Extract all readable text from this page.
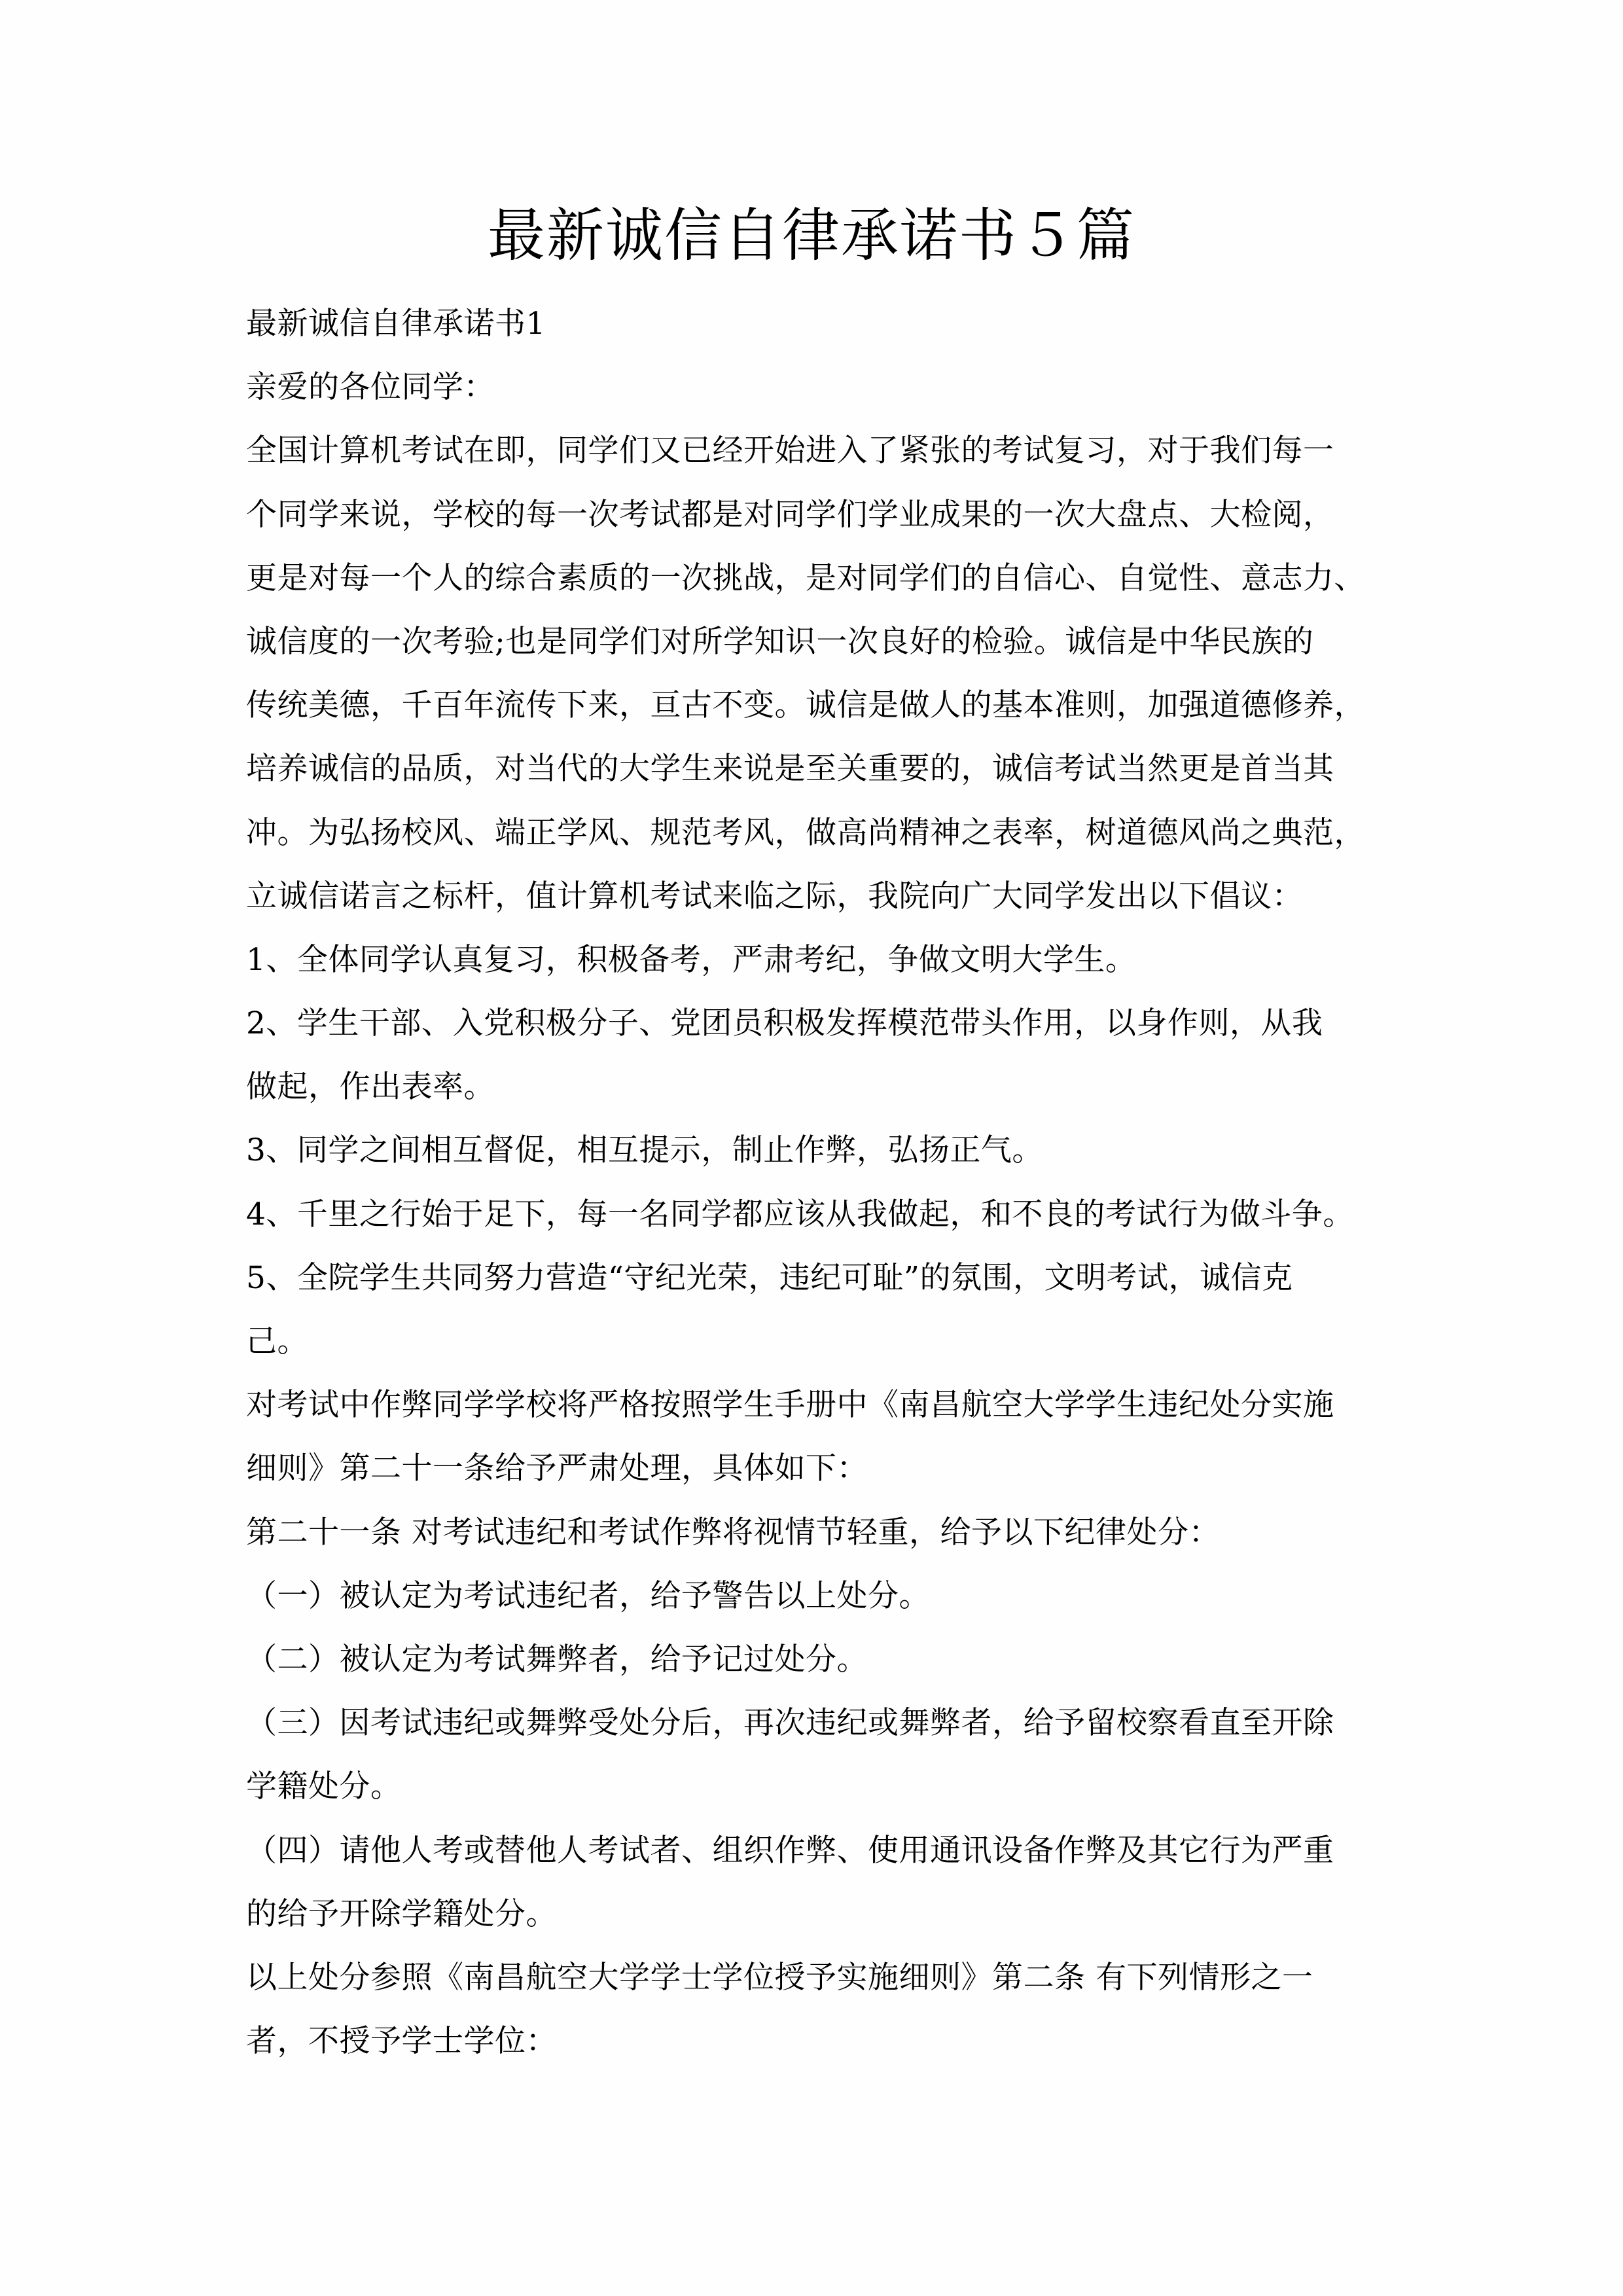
最新诚信自律承诺书５篇
最新诚信自律承诺书1
亲爱的各位同学：
全国计算机考试在即，同学们又已经开始进入了紧张的考试复习，对于我们每一
个同学来说，学校的每一次考试都是对同学们学业成果的一次大盘点、大检阅，
更是对每一个人的综合素质的一次挑战，是对同学们的自信心、自觉性、意志力、
诚信度的一次考验;也是同学们对所学知识一次良好的检验。诚信是中华民族的
传统美德，千百年流传下来，亘古不变。诚信是做人的基本准则，加强道德修养，
培养诚信的品质，对当代的大学生来说是至关重要的，诚信考试当然更是首当其
冲。为弘扬校风、端正学风、规范考风，做高尚精神之表率，树道德风尚之典范，
立诚信诺言之标杆，值计算机考试来临之际，我院向广大同学发出以下倡议：
1、全体同学认真复习，积极备考，严肃考纪，争做文明大学生。
2、学生干部、入党积极分子、党团员积极发挥模范带头作用，以身作则，从我
做起，作出表率。
3、同学之间相互督促，相互提示，制止作弊，弘扬正气。
4、千里之行始于足下，每一名同学都应该从我做起，和不良的考试行为做斗争。
5、全院学生共同努力营造“守纪光荣，违纪可耻”的氛围，文明考试，诚信克
己。
对考试中作弊同学学校将严格按照学生手册中《南昌航空大学学生违纪处分实施
细则》第二十一条给予严肃处理，具体如下：
第二十一条 对考试违纪和考试作弊将视情节轻重，给予以下纪律处分：
（一）被认定为考试违纪者，给予警告以上处分。
（二）被认定为考试舞弊者，给予记过处分。
（三）因考试违纪或舞弊受处分后，再次违纪或舞弊者，给予留校察看直至开除
学籍处分。
（四）请他人考或替他人考试者、组织作弊、使用通讯设备作弊及其它行为严重
的给予开除学籍处分。
以上处分参照《南昌航空大学学士学位授予实施细则》第二条 有下列情形之一
者，不授予学士学位：
